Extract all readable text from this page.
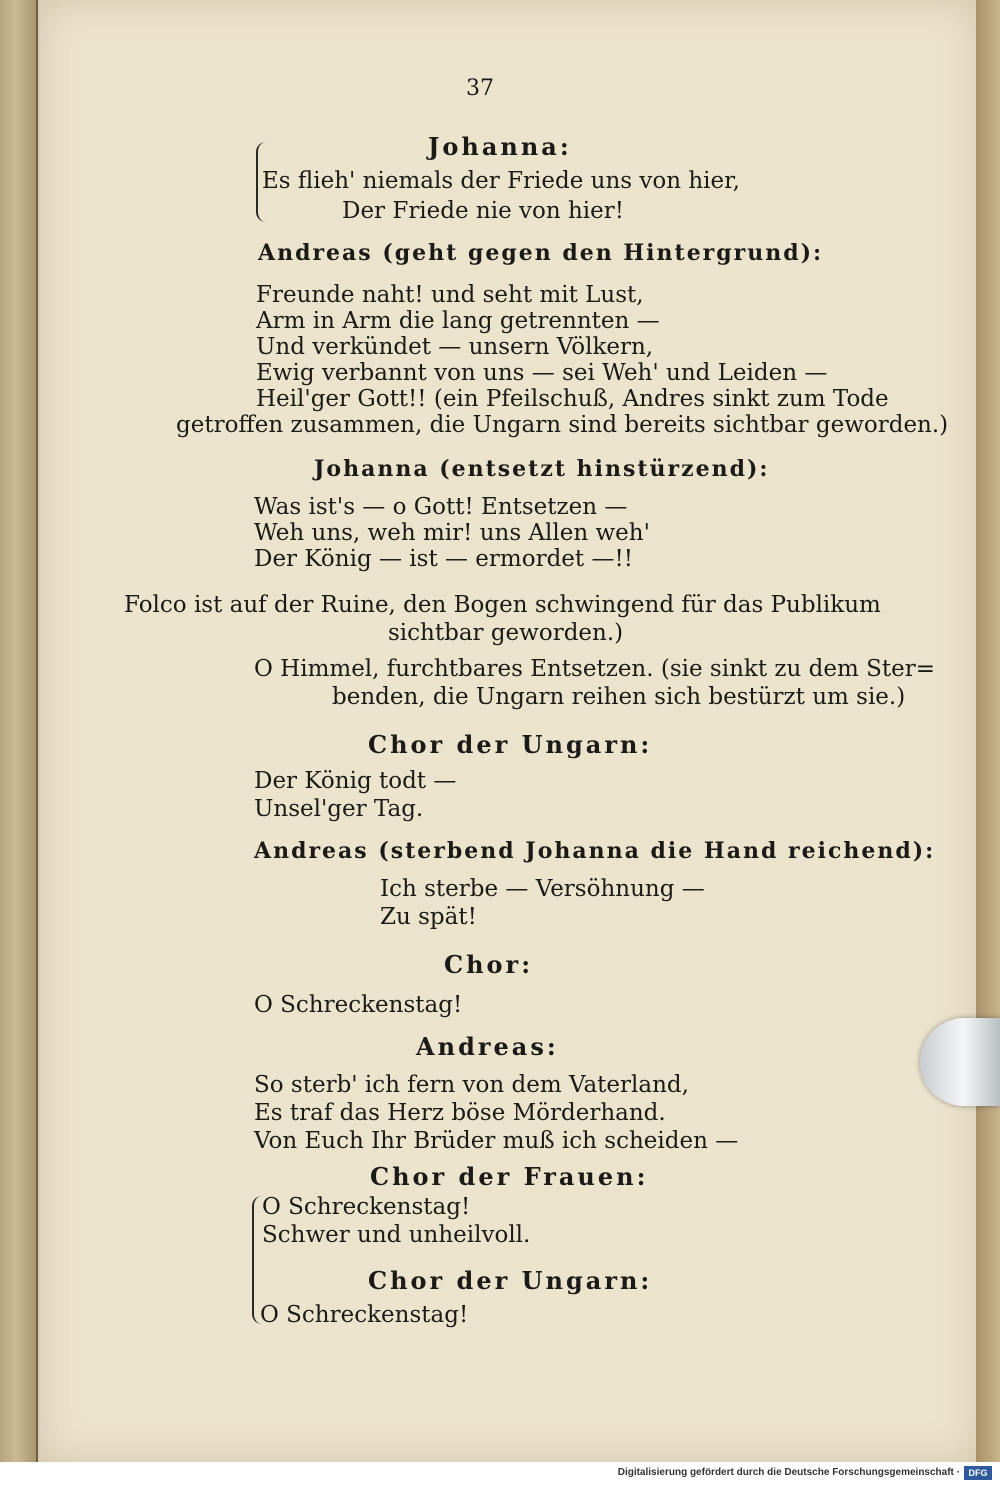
37
Johanna:
Es flieh' niemals der Friede uns von hier,
Der Friede nie von hier!
Andreas (geht gegen den Hintergrund):
Freunde naht! und seht mit Lust,
Arm in Arm die lang getrennten —
Und verkündet — unsern Völkern,
Ewig verbannt von uns — sei Weh' und Leiden —
Heil'ger Gott!! (ein Pfeilschuß, Andres sinkt zum Tode
getroffen zusammen, die Ungarn sind bereits sichtbar geworden.)
Johanna (entsetzt hinstürzend):
Was ist's — o Gott! Entsetzen —
Weh uns, weh mir! uns Allen weh'
Der König — ist — ermordet —!!
Folco ist auf der Ruine, den Bogen schwingend für das Publikum
sichtbar geworden.)
O Himmel, furchtbares Entsetzen. (sie sinkt zu dem Ster=
benden, die Ungarn reihen sich bestürzt um sie.)
Chor der Ungarn:
Der König todt —
Unsel'ger Tag.
Andreas (sterbend Johanna die Hand reichend):
Ich sterbe — Versöhnung —
Zu spät!
Chor:
O Schreckenstag!
Andreas:
So sterb' ich fern von dem Vaterland,
Es traf das Herz böse Mörderhand.
Von Euch Ihr Brüder muß ich scheiden —
Chor der Frauen:
O Schreckenstag!
Schwer und unheilvoll.
Chor der Ungarn:
O Schreckenstag!
Digitalisierung gefördert durch die Deutsche Forschungsgemeinschaft · DFG
